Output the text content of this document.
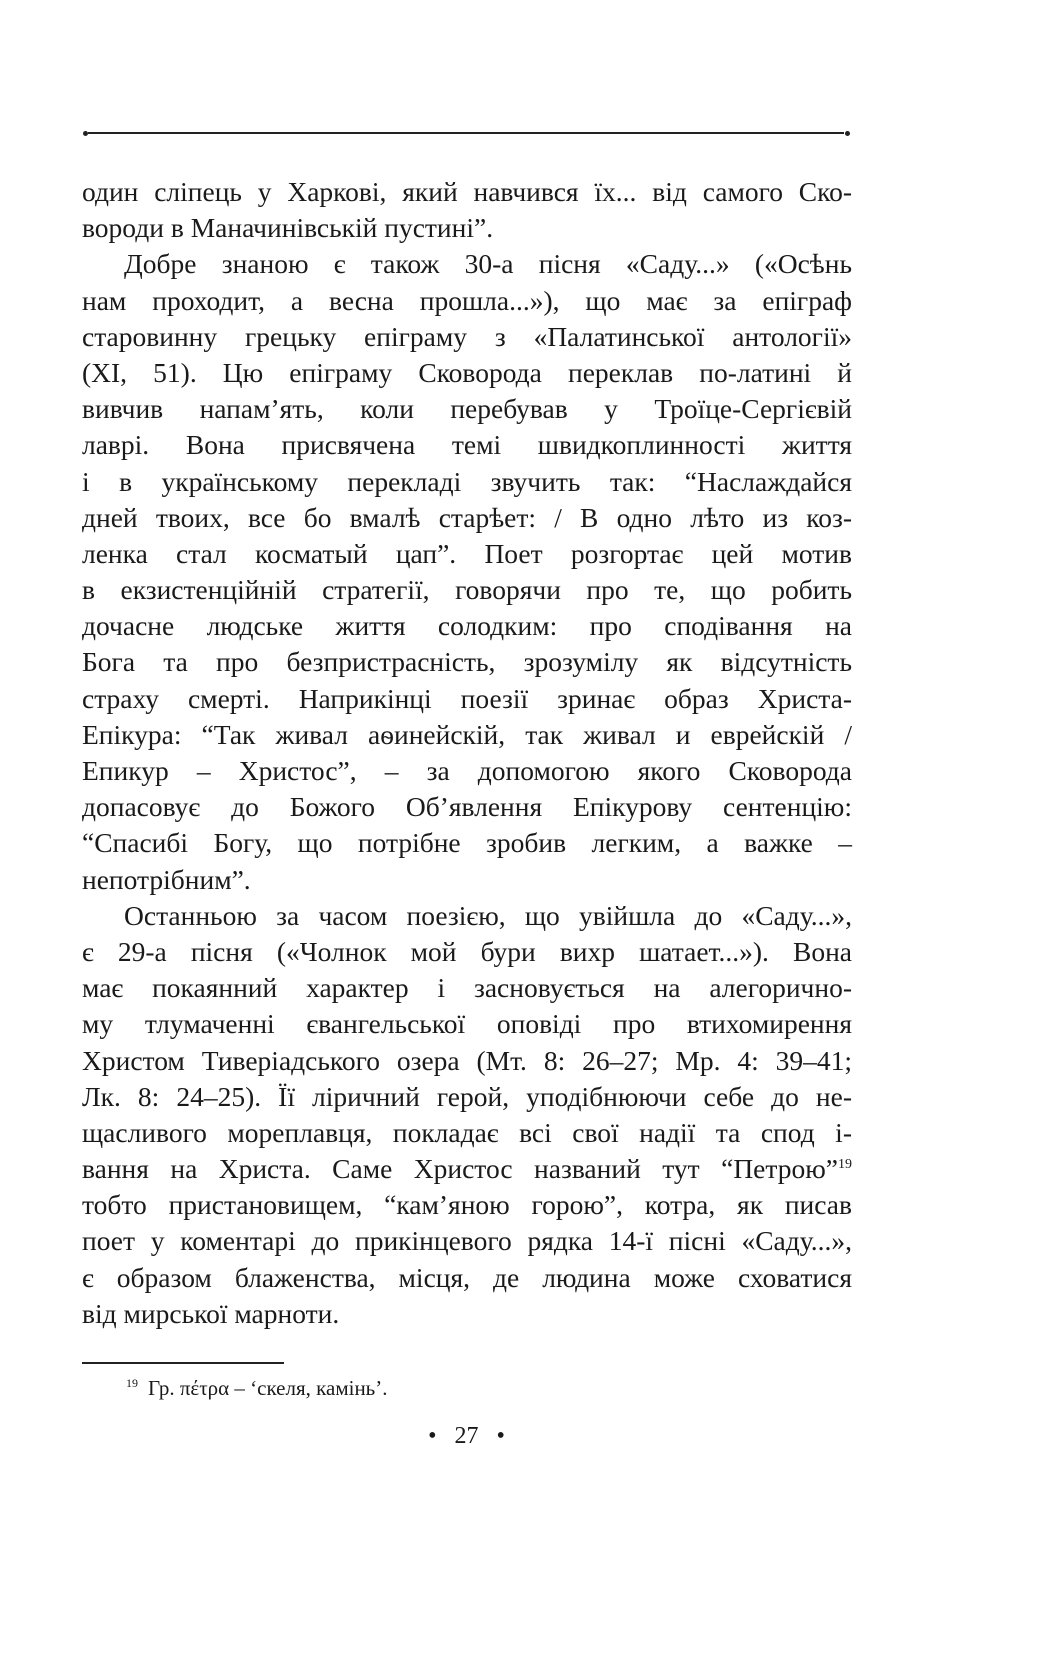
один сліпець у Харкові, який навчився їх... від самого Ско-
вороди в Маначинівській пустині”.
Добре знаною є також 30-а пісня «Саду...» («Осѣнь
нам проходит, а весна прошла...»), що має за епіграф
старовинну грецьку епіграму з «Палатинської антології»
(XI, 51). Цю епіграму Сковорода переклав по-латині й
вивчив напам’ять, коли перебував у Троїце-Сергієвій
лаврі. Вона присвячена темі швидкоплинності життя
і в українському перекладі звучить так: “Наслаждайся
дней твоих, все бо вмалѣ старѣет: / В одно лѣто из коз-
ленка стал косматый цап”. Поет розгортає цей мотив
в екзистенційній стратегії, говорячи про те, що робить
дочасне людське життя солодким: про сподівання на
Бога та про безпристрасність, зрозумілу як відсутність
страху смерті. Наприкінці поезії зринає образ Христа-
Епікура: “Так живал аѳинейскій, так живал и еврейскій /
Епикур – Христос”, – за допомогою якого Сковорода
допасовує до Божого Об’явлення Епікурову сентенцію:
“Спасибі Богу, що потрібне зробив легким, а важке –
непотрібним”.
Останньою за часом поезією, що увійшла до «Саду...»,
є 29-а пісня («Чолнок мой бури вихр шатает...»). Вона
має покаянний характер і засновується на алегорично-
му тлумаченні євангельської оповіді про втихомирення
Христом Тиверіадського озера (Мт. 8: 26–27; Мр. 4: 39–41;
Лк. 8: 24–25). Її ліричний герой, уподібнюючи себе до не-
щасливого мореплавця, покладає всі свої надії та спод і-
вання на Христа. Саме Христос названий тут “Петрою”$^{19}$
тобто пристановищем, “кам’яною горою”, котра, як писав
поет у коментарі до прикінцевого рядка 14-ї пісні «Саду...»,
є образом блаженства, місця, де людина може сховатися
від мирської марноти.
$^{19}$ Гр. πέτρα – ‘скеля, камінь’.
• 27 •
